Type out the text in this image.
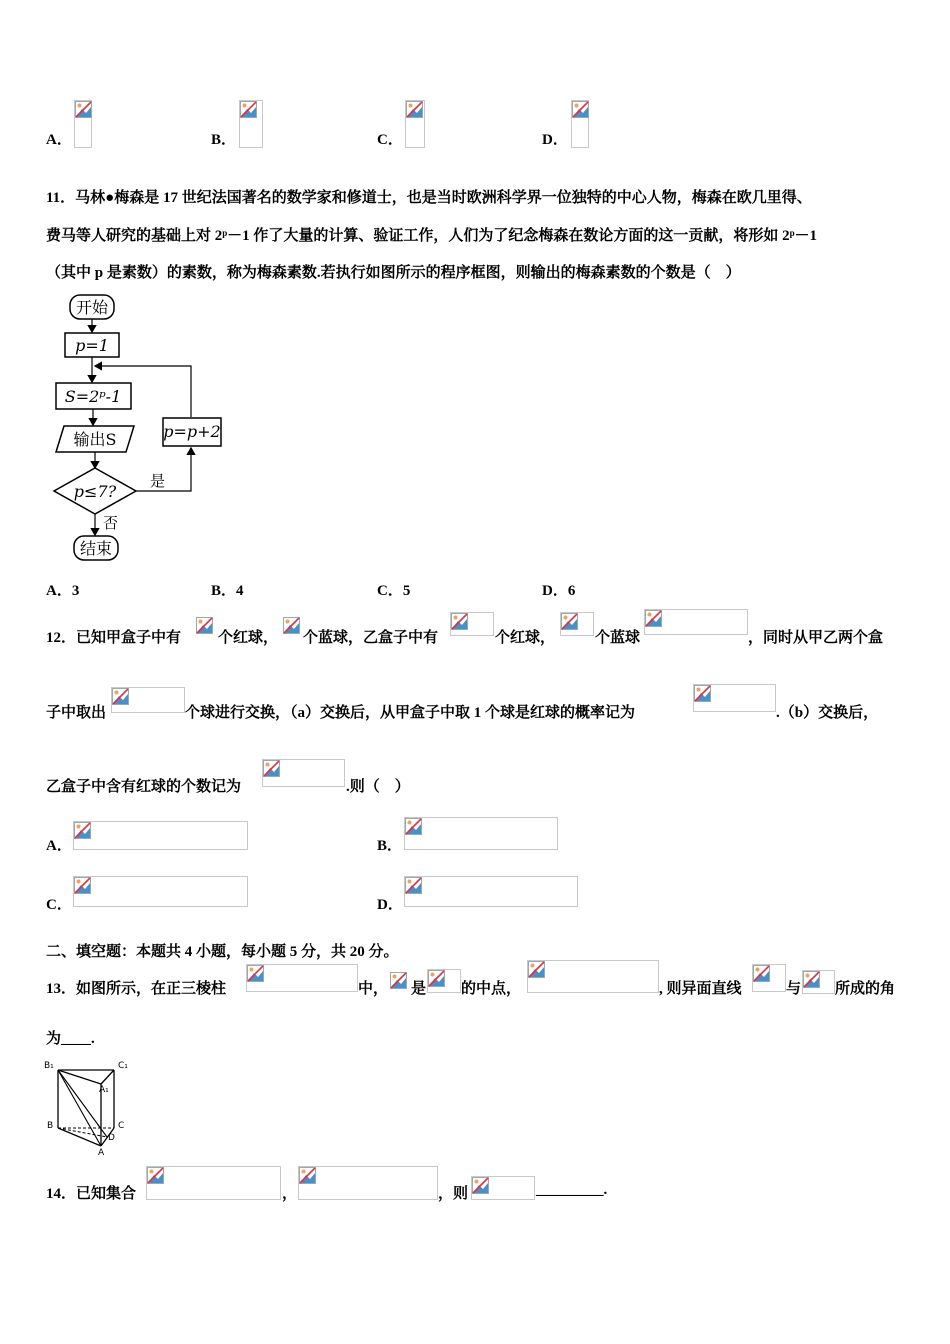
A．	B．	C．	D．
11．马林●梅森是 17 世纪法国著名的数学家和修道士，也是当时欧洲科学界一位独特的中心人物，梅森在欧几里得、
费马等人研究的基础上对 2ᵖ－1 作了大量的计算、验证工作，人们为了纪念梅森在数论方面的这一贡献，将形如 2ᵖ－1
（其中 p 是素数）的素数，称为梅森素数.若执行如图所示的程序框图，则输出的梅森素数的个数是（　）
开始
p=1
S=2ᵖ-1
输出S	p=p+2
p≤7?
是
否
结束
A．3	B．4	C．5	D．6
12．已知甲盒子中有 个红球， 个蓝球，乙盒子中有	个红球，	个蓝球	，同时从甲乙两个盒
子中取出	个球进行交换，（a）交换后，从甲盒子中取 1 个球是红球的概率记为	.（b）交换后，
乙盒子中含有红球的个数记为	.则（　）
A．	B．
C．	D．
二、填空题：本题共 4 小题，每小题 5 分，共 20 分。
13．如图所示，在正三棱柱	中， 是 的中点，	, 则异面直线	与 所成的角
为____.
B₁	C₁
A₁
B	C
D
A
14．已知集合	，	，则	_________.
